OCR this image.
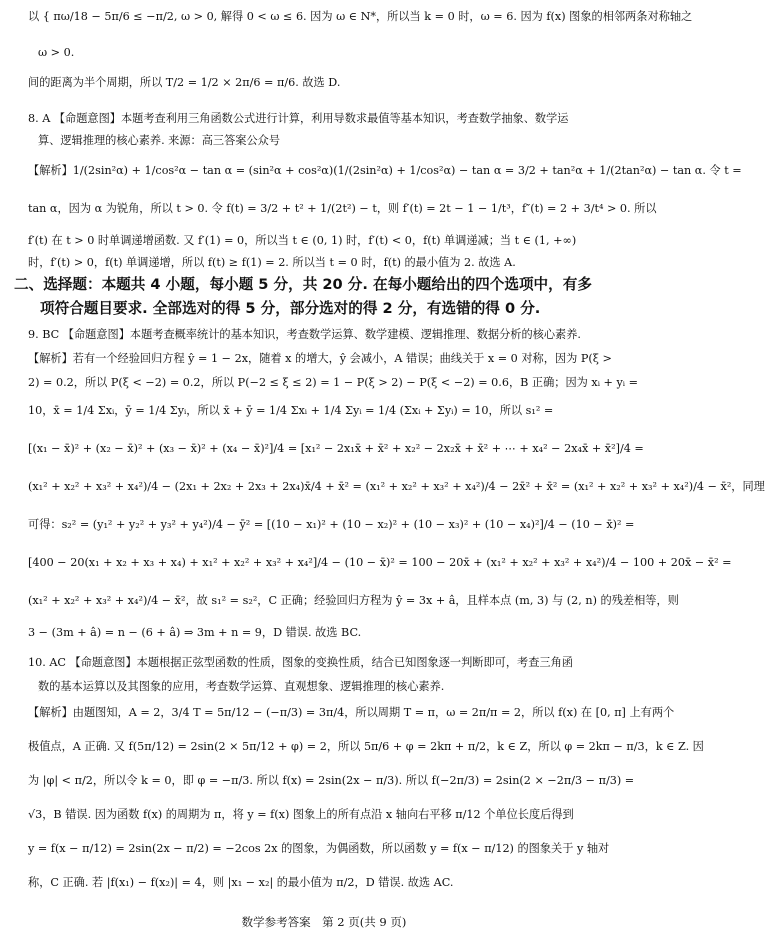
以 { πω/18 − 5π/6 ≤ −π/2, ω > 0, 解得 0 < ω ≤ 6. 因为 ω ∈ N*，所以当 k = 0 时，ω = 6. 因为 f(x) 图象的相邻两条对称轴之
ω > 0.
间的距离为半个周期，所以 T/2 = 1/2 × 2π/6 = π/6. 故选 D.
8. A 【命题意图】本题考查利用三角函数公式进行计算，利用导数求最值等基本知识，考查数学抽象、数学运
算、逻辑推理的核心素养. 来源：高三答案公众号
【解析】1/(2sin²α) + 1/cos²α − tan α = (sin²α + cos²α)(1/(2sin²α) + 1/cos²α) − tan α = 3/2 + tan²α + 1/(2tan²α) − tan α. 令 t =
tan α，因为 α 为锐角，所以 t > 0. 令 f(t) = 3/2 + t² + 1/(2t²) − t，则 f′(t) = 2t − 1 − 1/t³，f″(t) = 2 + 3/t⁴ > 0. 所以
f′(t) 在 t > 0 时单调递增函数. 又 f′(1) = 0，所以当 t ∈ (0, 1) 时，f′(t) < 0，f(t) 单调递减；当 t ∈ (1, +∞)
时，f′(t) > 0，f(t) 单调递增，所以 f(t) ≥ f(1) = 2. 所以当 t = 0 时，f(t) 的最小值为 2. 故选 A.
二、选择题：本题共 4 小题，每小题 5 分，共 20 分. 在每小题给出的四个选项中，有多
项符合题目要求. 全部选对的得 5 分，部分选对的得 2 分，有选错的得 0 分.
9. BC 【命题意图】本题考查概率统计的基本知识，考查数学运算、数学建模、逻辑推理、数据分析的核心素养.
【解析】若有一个经验回归方程 ŷ = 1 − 2x，随着 x 的增大，ŷ 会减小，A 错误；曲线关于 x = 0 对称，因为 P(ξ >
2) = 0.2，所以 P(ξ < −2) = 0.2，所以 P(−2 ≤ ξ ≤ 2) = 1 − P(ξ > 2) − P(ξ < −2) = 0.6，B 正确；因为 xᵢ + yᵢ =
10，x̄ = 1/4 Σxᵢ，ȳ = 1/4 Σyᵢ，所以 x̄ + ȳ = 1/4 Σxᵢ + 1/4 Σyᵢ = 1/4 (Σxᵢ + Σyᵢ) = 10，所以 s₁² =
[(x₁ − x̄)² + (x₂ − x̄)² + (x₃ − x̄)² + (x₄ − x̄)²]/4 = [x₁² − 2x₁x̄ + x̄² + x₂² − 2x₂x̄ + x̄² + ⋯ + x₄² − 2x₄x̄ + x̄²]/4 =
(x₁² + x₂² + x₃² + x₄²)/4 − (2x₁ + 2x₂ + 2x₃ + 2x₄)x̄/4 + x̄² = (x₁² + x₂² + x₃² + x₄²)/4 − 2x̄² + x̄² = (x₁² + x₂² + x₃² + x₄²)/4 − x̄²，同理
可得：s₂² = (y₁² + y₂² + y₃² + y₄²)/4 − ȳ² = [(10 − x₁)² + (10 − x₂)² + (10 − x₃)² + (10 − x₄)²]/4 − (10 − x̄)² =
[400 − 20(x₁ + x₂ + x₃ + x₄) + x₁² + x₂² + x₃² + x₄²]/4 − (10 − x̄)² = 100 − 20x̄ + (x₁² + x₂² + x₃² + x₄²)/4 − 100 + 20x̄ − x̄² =
(x₁² + x₂² + x₃² + x₄²)/4 − x̄²，故 s₁² = s₂²，C 正确；经验回归方程为 ŷ = 3x + â，且样本点 (m, 3) 与 (2, n) 的残差相等，则
3 − (3m + â) = n − (6 + â) ⇒ 3m + n = 9，D 错误. 故选 BC.
10. AC 【命题意图】本题根据正弦型函数的性质，图象的变换性质，结合已知图象逐一判断即可，考查三角函
数的基本运算以及其图象的应用，考查数学运算、直观想象、逻辑推理的核心素养.
【解析】由题图知，A = 2，3/4 T = 5π/12 − (−π/3) = 3π/4，所以周期 T = π，ω = 2π/π = 2，所以 f(x) 在 [0, π] 上有两个
极值点，A 正确. 又 f(5π/12) = 2sin(2 × 5π/12 + φ) = 2，所以 5π/6 + φ = 2kπ + π/2，k ∈ Z，所以 φ = 2kπ − π/3，k ∈ Z. 因
为 |φ| < π/2，所以令 k = 0，即 φ = −π/3. 所以 f(x) = 2sin(2x − π/3). 所以 f(−2π/3) = 2sin(2 × −2π/3 − π/3) =
√3，B 错误. 因为函数 f(x) 的周期为 π，将 y = f(x) 图象上的所有点沿 x 轴向右平移 π/12 个单位长度后得到
y = f(x − π/12) = 2sin(2x − π/2) = −2cos 2x 的图象，为偶函数，所以函数 y = f(x − π/12) 的图象关于 y 轴对
称，C 正确. 若 |f(x₁) − f(x₂)| = 4，则 |x₁ − x₂| 的最小值为 π/2，D 错误. 故选 AC.
数学参考答案　第 2 页(共 9 页)
